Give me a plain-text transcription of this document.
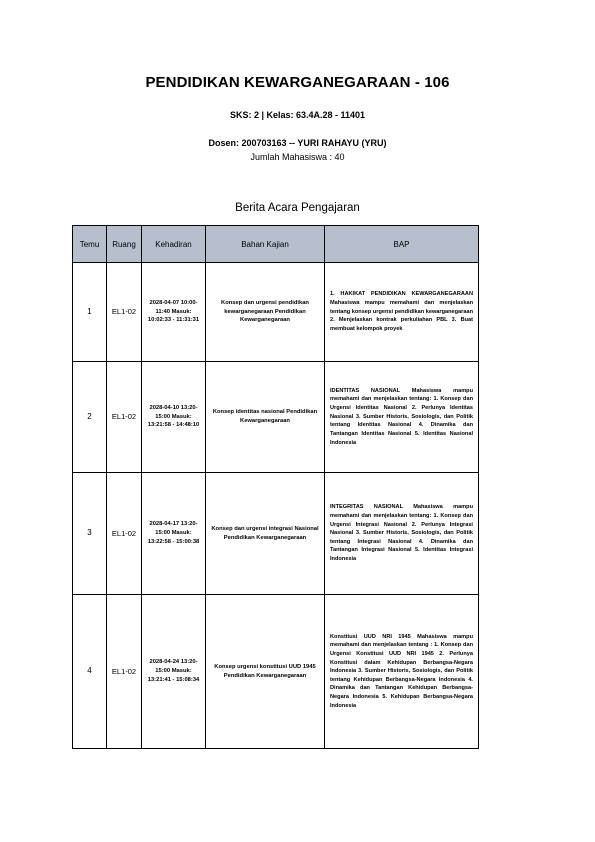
PENDIDIKAN KEWARGANEGARAAN - 106
SKS: 2 | Kelas: 63.4A.28 - 11401
Dosen: 200703163 -- YURI RAHAYU (YRU)
Jumlah Mahasiswa : 40
Berita Acara Pengajaran
Temu	Ruang	Kehadiran	Bahan Kajian	BAP
1	EL1-02	2028-04-07 10:00-11:40 Masuk: 10:02:33 - 11:31:31	Konsep dan urgensi pendidikan kewarganegaraan Pendidikan Kewarganegaraan	1. HAKIKAT PENDIDIKAN KEWARGANEGARAAN Mahasiswa mampu memahami dan menjelaskan tentang konsep urgensi pendidikan kewarganegaraan 2. Menjelaskan kontrak perkuliahan PBL 3. Buat membuat kelompok proyek
2	EL1-02	2028-04-10 13:20-15:00 Masuk: 13:21:58 - 14:48:10	Konsep identitas nasional Pendidikan Kewarganegaraan	IDENTITAS NASIONAL Mahasiswa mampu memahami dan menjelaskan tentang: 1. Konsep dan Urgensi Identitas Nasional 2. Perlunya Identitas Nasional 3. Sumber Historis, Sosiologis, dan Politik tentang Identitas Nasional 4. Dinamika dan Tantangan Identitas Nasional 5. Identitas Nasional Indonesia
3	EL1-02	2028-04-17 13:20-15:00 Masuk: 13:22:58 - 15:00:38	Konsep dan urgensi integrasi Nasional Pendidikan Kewarganegaraan	INTEGRITAS NASIONAL Mahasiswa mampu memahami dan menjelaskan tentang: 1. Konsep dan Urgensi Integrasi Nasional 2. Perlunya Integrasi Nasional 3. Sumber Historis, Sosiologis, dan Politik tentang Integrasi Nasional 4. Dinamika dan Tantangan Integrasi Nasional 5. Identitas Integrasi Indonesia
4	EL1-02	2028-04-24 13:20-15:00 Masuk: 13:21:41 - 15:08:34	Konsep urgensi konstitusi UUD 1945 Pendidikan Kewarganegaraan	Konstitusi UUD NRI 1945 Mahasiswa mampu memahami dan menjelaskan tentang : 1. Konsep dan Urgensi Konstitusi UUD NRI 1945 2. Perlunya Konstitusi dalam Kehidupan Berbangsa-Negara Indonesia 3. Sumber Historis, Sosiologis, dan Politik tentang Kehidupan Berbangsa-Negara Indonesia 4. Dinamika dan Tantangan Kehidupan Berbangsa-Negara Indonesia 5. Kehidupan Berbangsa-Negara Indonesia
